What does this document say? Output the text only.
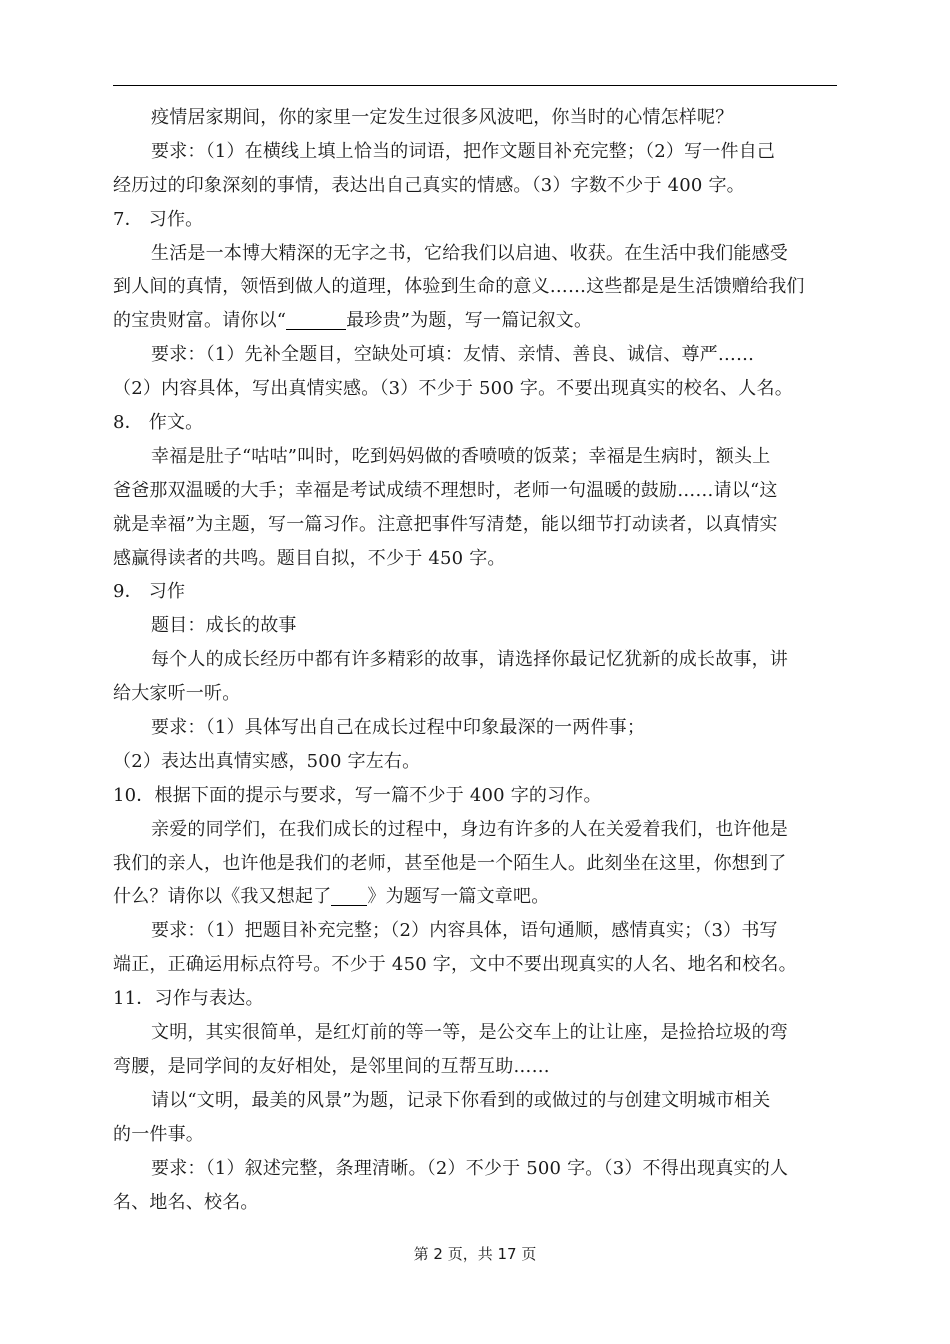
疫情居家期间，你的家里一定发生过很多风波吧，你当时的心情怎样呢？
要求：（1）在横线上填上恰当的词语，把作文题目补充完整；（2）写一件自己
经历过的印象深刻的事情，表达出自己真实的情感。（3）字数不少于 400 字。
7． 习作。
生活是一本博大精深的无字之书，它给我们以启迪、收获。在生活中我们能感受
到人间的真情，领悟到做人的道理，体验到生命的意义……这些都是是生活馈赠给我们
的宝贵财富。请你以“	最珍贵”为题，写一篇记叙文。
要求：（1）先补全题目，空缺处可填：友情、亲情、善良、诚信、尊严……
（2）内容具体，写出真情实感。（3）不少于 500 字。不要出现真实的校名、人名。
8． 作文。
幸福是肚子“咕咕”叫时，吃到妈妈做的香喷喷的饭菜；幸福是生病时，额头上
爸爸那双温暖的大手；幸福是考试成绩不理想时，老师一句温暖的鼓励……请以“这
就是幸福”为主题，写一篇习作。注意把事件写清楚，能以细节打动读者，以真情实
感赢得读者的共鸣。题目自拟，不少于 450 字。
9． 习作
题目：成长的故事
每个人的成长经历中都有许多精彩的故事，请选择你最记忆犹新的成长故事，讲
给大家听一听。
要求：（1）具体写出自己在成长过程中印象最深的一两件事；
（2）表达出真情实感，500 字左右。
10．根据下面的提示与要求，写一篇不少于 400 字的习作。
亲爱的同学们，在我们成长的过程中，身边有许多的人在关爱着我们，也许他是
我们的亲人，也许他是我们的老师，甚至他是一个陌生人。此刻坐在这里，你想到了
什么？请你以《我又想起了 》为题写一篇文章吧。
要求：（1）把题目补充完整；（2）内容具体，语句通顺，感情真实；（3）书写
端正，正确运用标点符号。不少于 450 字，文中不要出现真实的人名、地名和校名。
11．习作与表达。
文明，其实很简单，是红灯前的等一等，是公交车上的让让座，是捡拾垃圾的弯
弯腰，是同学间的友好相处，是邻里间的互帮互助……
请以“文明，最美的风景”为题，记录下你看到的或做过的与创建文明城市相关
的一件事。
要求：（1）叙述完整，条理清晰。（2）不少于 500 字。（3）不得出现真实的人
名、地名、校名。
第 2 页，共 17 页
